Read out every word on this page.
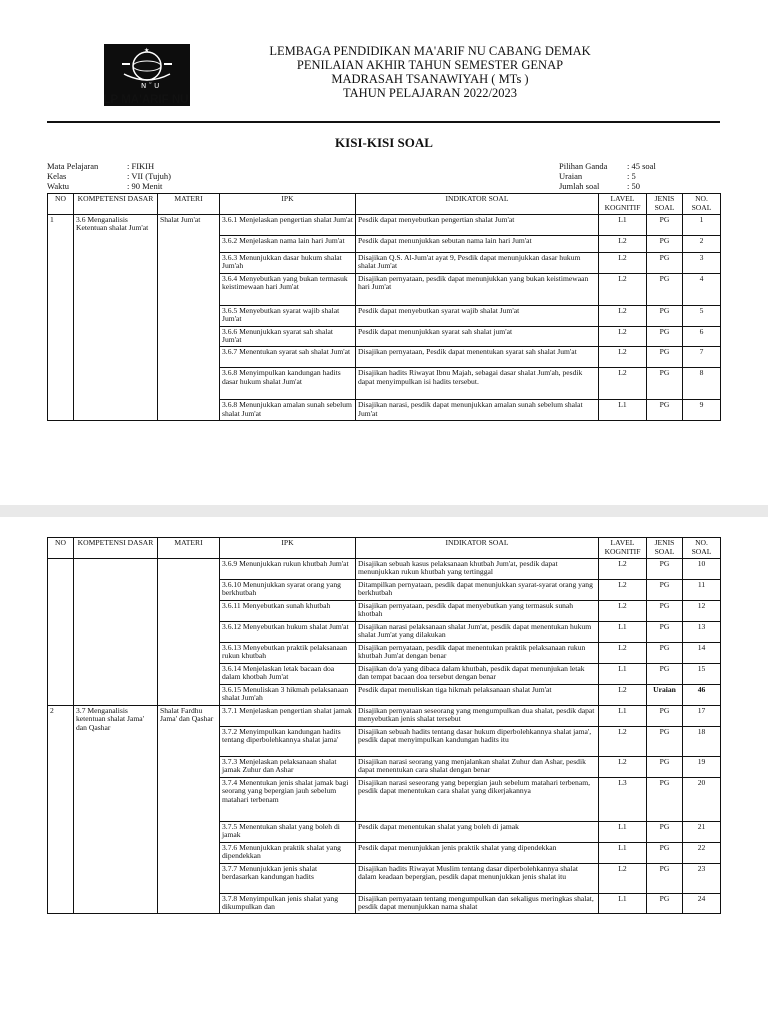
N ˜ U
★
LP MA'ARIF NU
LEMBAGA PENDIDIKAN MA'ARIF NU CABANG DEMAK
PENILAIAN AKHIR TAHUN SEMESTER GENAP
MADRASAH TSANAWIYAH ( MTs )
TAHUN PELAJARAN 2022/2023
KISI-KISI SOAL
Mata Pelajaran	: FIKIH
Kelas	: VII (Tujuh)
Waktu	: 90 Menit
Pilihan Ganda : 45 soal
Uraian	: 5
Jumlah soal	: 50
NO	KOMPETENSI DASAR	MATERI	IPK	INDIKATOR SOAL	LAVEL KOGNITIF	JENIS SOAL	NO. SOAL
1	3.6 Menganalisis Ketentuan shalat Jum'at	Shalat Jum'at	3.6.1 Menjelaskan pengertian shalat Jum'at	Pesdik dapat menyebutkan pengertian shalat Jum'at	L1	PG	1
			3.6.2 Menjelaskan nama lain hari Jum'at	Pesdik dapat menunjukkan sebutan nama lain hari Jum'at	L2	PG	2
			3.6.3 Menunjukkan dasar hukum shalat Jum'ah	Disajikan Q.S. Al-Jum'at ayat 9, Pesdik dapat menunjukkan dasar hukum shalat Jum'at	L2	PG	3
			3.6.4 Menyebutkan yang bukan termasuk keistimewaan hari Jum'at	Disajikan pernyataan, pesdik dapat menunjukkan yang bukan keistimewaan hari Jum'at	L2	PG	4
			3.6.5 Menyebutkan syarat wajib shalat Jum'at	Pesdik dapat menyebutkan syarat wajib shalat Jum'at	L2	PG	5
			3.6.6 Menunjukkan syarat sah shalat Jum'at	Pesdik dapat menunjukkan syarat sah shalat jum'at	L2	PG	6
			3.6.7 Menentukan syarat sah shalat Jum'at	Disajikan pernyataan, Pesdik dapat menentukan syarat sah shalat Jum'at	L2	PG	7
			3.6.8 Menyimpulkan kandungan hadits dasar hukum shalat Jum'at	Disajikan hadits Riwayat Ibnu Majah, sebagai dasar shalat Jum'ah, pesdik dapat menyimpulkan isi hadits tersebut.	L2	PG	8
			3.6.8 Menunjukkan amalan sunah sebelum shalat Jum'at	Disajikan narasi, pesdik dapat menunjukkan amalan sunah sebelum shalat Jum'at	L1	PG	9
NO	KOMPETENSI DASAR	MATERI	IPK	INDIKATOR SOAL	LAVEL KOGNITIF	JENIS SOAL	NO. SOAL
			3.6.9 Menunjukkan rukun khutbah Jum'at	Disajikan sebuah kasus pelaksanaan khutbah Jum'at, pesdik dapat menunjukkan rukun khutbah yang tertinggal	L2	PG	10
			3.6.10 Menunjukkan syarat orang yang berkhutbah	Ditampilkan pernyataan, pesdik dapat menunjukkan syarat-syarat orang yang berkhutbah	L2	PG	11
			3.6.11 Menyebutkan sunah khutbah	Disajikan pernyataan, pesdik dapat menyebutkan yang termasuk sunah khotbah	L2	PG	12
			3.6.12 Menyebutkan hukum shalat Jum'at	Disajikan narasi pelaksanaan shalat Jum'at, pesdik dapat menentukan hukum shalat Jum'at yang dilakukan	L1	PG	13
			3.6.13 Menyebutkan praktik pelaksanaan rukun khutbah	Disajikan pernyataan, pesdik dapat menentukan praktik pelaksanaan rukun khutbah Jum'at dengan benar	L2	PG	14
			3.6.14 Menjelaskan letak bacaan doa dalam khotbah Jum'at	Disajikan do'a yang dibaca dalam khutbah, pesdik dapat menunjukan letak dan tempat bacaan doa tersebut dengan benar	L1	PG	15
			3.6.15 Menuliskan 3 hikmah pelaksanaan shalat Jum'ah	Pesdik dapat menuliskan tiga hikmah pelaksanaan shalat Jum'at	L2	Uraian	46
2	3.7 Menganalisis ketentuan shalat Jama' dan Qashar	Shalat Fardhu Jama' dan Qashar	3.7.1 Menjelaskan pengertian shalat jamak	Disajikan pernyataan seseorang yang mengumpulkan dua shalat, pesdik dapat menyebutkan jenis shalat tersebut	L1	PG	17
			3.7.2 Menyimpulkan kandungan hadits tentang diperbolehkannya shalat jama'	Disajikan sebuah hadits tentang dasar hukum diperbolehkannya shalat jama', pesdik dapat menyimpulkan kandungan hadits itu	L2	PG	18
			3.7.3 Menjelaskan pelaksanaan shalat jamak Zuhur dan Ashar	Disajikan narasi seorang yang menjalankan shalat Zuhur dan Ashar, pesdik dapat menentukan cara shalat dengan benar	L2	PG	19
			3.7.4 Menentukan jenis shalat jamak bagi seorang yang bepergian jauh sebelum matahari terbenam	Disajikan narasi seseorang yang bepergian jauh sebelum matahari terbenam, pesdik dapat menentukan cara shalat yang dikerjakannya	L3	PG	20
			3.7.5 Menentukan shalat yang boleh di jamak	Pesdik dapat menentukan shalat yang boleh di jamak	L1	PG	21
			3.7.6 Menunjukkan praktik shalat yang dipendekkan	Pesdik dapat menunjukkan jenis praktik shalat yang dipendekkan	L1	PG	22
			3.7.7 Menunjukkan jenis shalat berdasarkan kandungan hadits	Disajikan hadits Riwayat Muslim tentang dasar diperbolehkannya shalat dalam keadaan bepergian, pesdik dapat menunjukkan jenis shalat itu	L2	PG	23
			3.7.8 Menyimpulkan jenis shalat yang dikumpulkan dan	Disajikan pernyataan tentang mengumpulkan dan sekaligus meringkas shalat, pesdik dapat menunjukkan nama shalat	L1	PG	24
